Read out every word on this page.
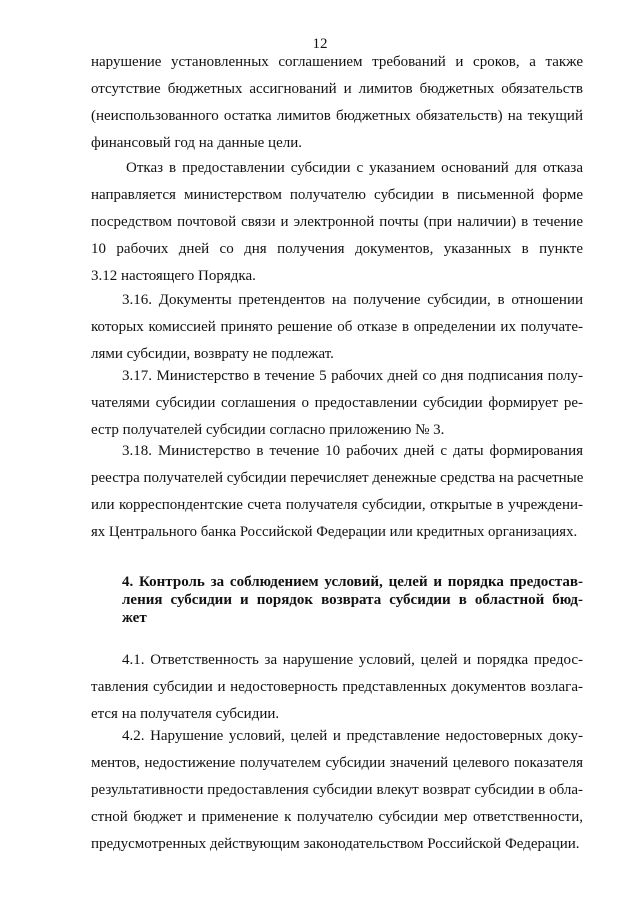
12
нарушение установленных соглашением требований и сроков, а также
отсутствие бюджетных ассигнований и лимитов бюджетных обязательств
(неиспользованного остатка лимитов бюджетных обязательств) на текущий
финансовый год на данные цели.
Отказ в предоставлении субсидии с указанием оснований для отказа
направляется министерством получателю субсидии в письменной форме
посредством почтовой связи и электронной почты (при наличии) в течение
10 рабочих дней со дня получения документов, указанных в пункте
3.12 настоящего Порядка.
3.16. Документы претендентов на получение субсидии, в отношении
которых комиссией принято решение об отказе в определении их получате-
лями субсидии, возврату не подлежат.
3.17. Министерство в течение 5 рабочих дней со дня подписания полу-
чателями субсидии соглашения о предоставлении субсидии формирует ре-
естр получателей субсидии согласно приложению № 3.
3.18. Министерство в течение 10 рабочих дней с даты формирования
реестра получателей субсидии перечисляет денежные средства на расчетные
или корреспондентские счета получателя субсидии, открытые в учреждени-
ях Центрального банка Российской Федерации или кредитных организациях.
4. Контроль за соблюдением условий, целей и порядка предостав-
ления субсидии и порядок возврата субсидии в областной бюд-
жет
4.1. Ответственность за нарушение условий, целей и порядка предос-
тавления субсидии и недостоверность представленных документов возлага-
ется на получателя субсидии.
4.2. Нарушение условий, целей и представление недостоверных доку-
ментов, недостижение получателем субсидии значений целевого показателя
результативности предоставления субсидии влекут возврат субсидии в обла-
стной бюджет и применение к получателю субсидии мер ответственности,
предусмотренных действующим законодательством Российской Федерации.
